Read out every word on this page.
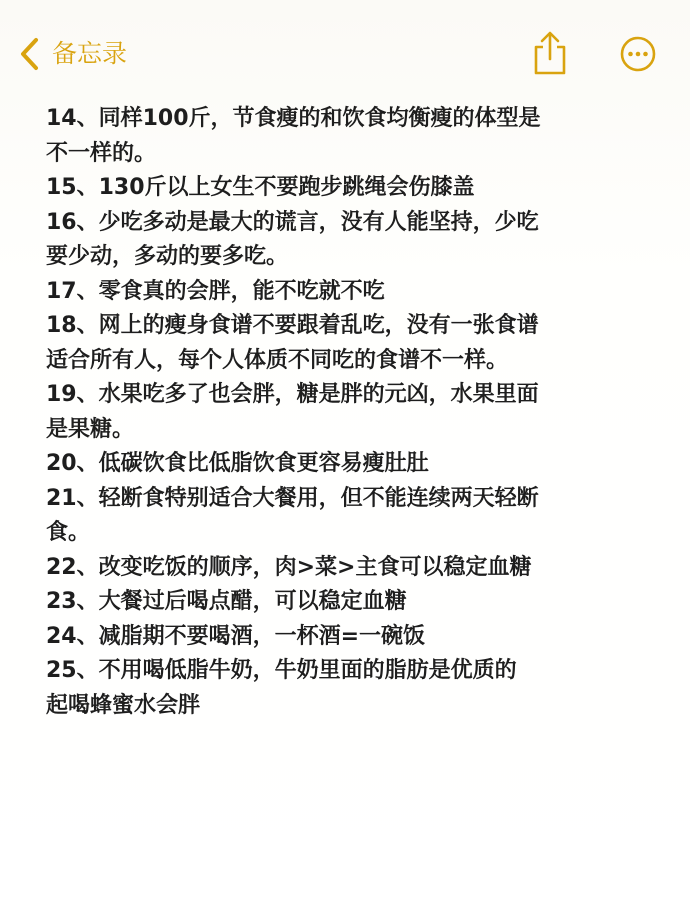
备忘录
14、同样100斤，节食瘦的和饮食均衡瘦的体型是
不一样的。
15、130斤以上女生不要跑步跳绳会伤膝盖
16、少吃多动是最大的谎言，没有人能坚持，少吃
要少动，多动的要多吃。
17、零食真的会胖，能不吃就不吃
18、网上的瘦身食谱不要跟着乱吃，没有一张食谱
适合所有人，每个人体质不同吃的食谱不一样。
19、水果吃多了也会胖，糖是胖的元凶，水果里面
是果糖。
20、低碳饮食比低脂饮食更容易瘦肚肚
21、轻断食特别适合大餐用，但不能连续两天轻断
食。
22、改变吃饭的顺序，肉>菜>主食可以稳定血糖
23、大餐过后喝点醋，可以稳定血糖
24、减脂期不要喝酒，一杯酒=一碗饭
25、不用喝低脂牛奶，牛奶里面的脂肪是优质的
起喝蜂蜜水会胖
